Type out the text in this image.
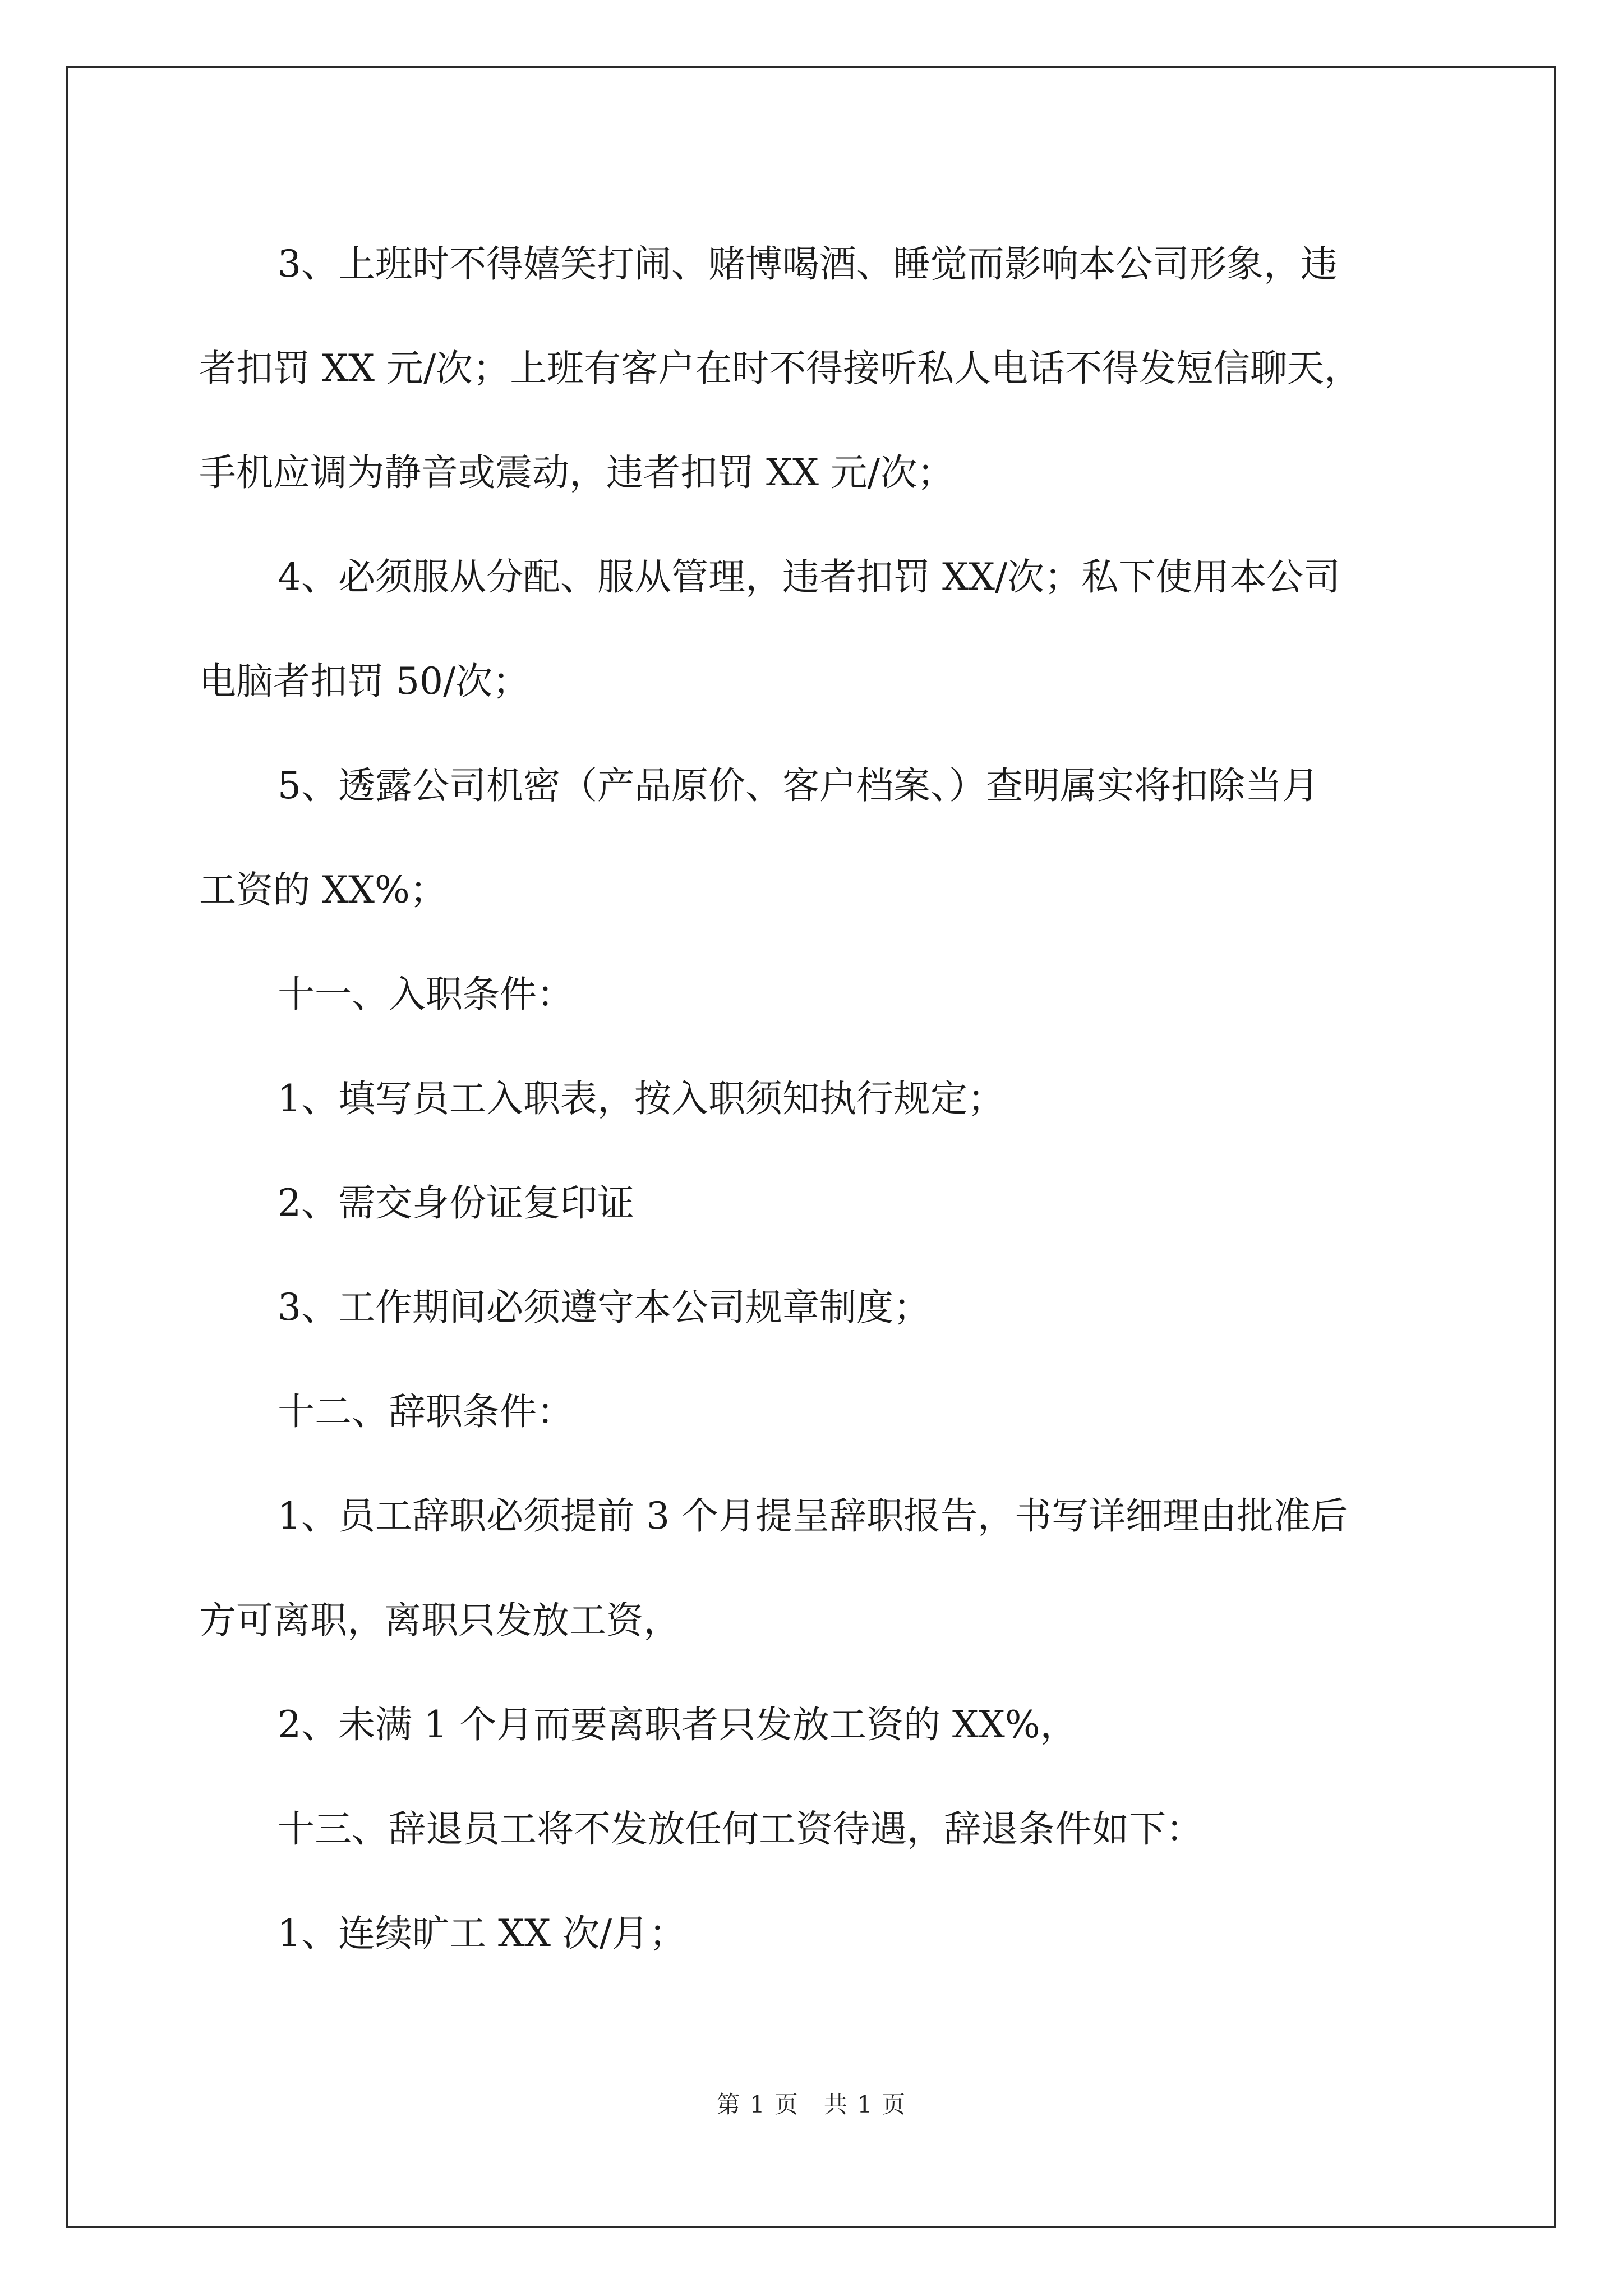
3、上班时不得嬉笑打闹、赌博喝酒、睡觉而影响本公司形象，违
者扣罚 XX 元/次；上班有客户在时不得接听私人电话不得发短信聊天，
手机应调为静音或震动，违者扣罚 XX 元/次；

4、必须服从分配、服从管理，违者扣罚 XX/次；私下使用本公司
电脑者扣罚 50/次；

5、透露公司机密（产品原价、客户档案、）查明属实将扣除当月
工资的 XX%；

十一、入职条件：

1、填写员工入职表，按入职须知执行规定；

2、需交身份证复印证

3、工作期间必须遵守本公司规章制度；

十二、辞职条件：

1、员工辞职必须提前 3 个月提呈辞职报告，书写详细理由批准后
方可离职，离职只发放工资，

2、未满 1 个月而要离职者只发放工资的 XX%，

十三、辞退员工将不发放任何工资待遇，辞退条件如下：

1、连续旷工 XX 次/月；

第 1 页　共 1 页
